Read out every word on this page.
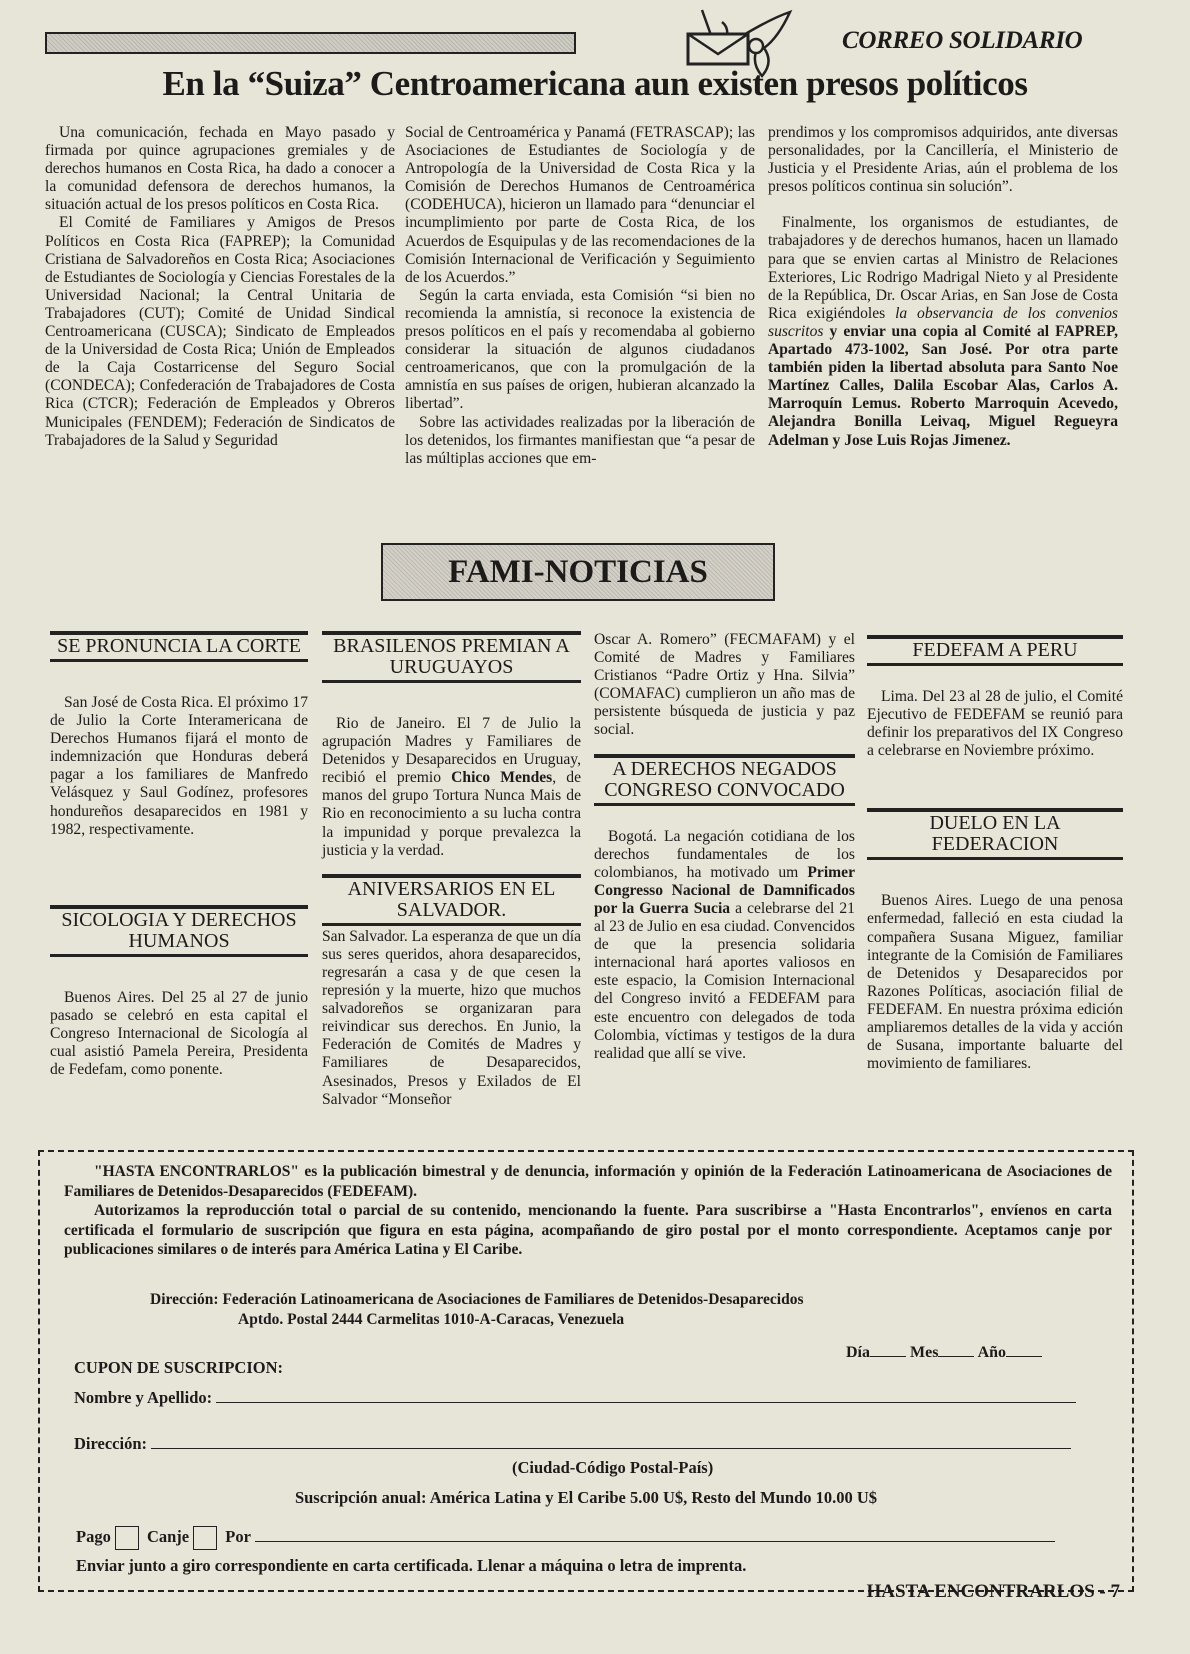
CORREO SOLIDARIO
En la “Suiza” Centroamericana aun existen presos políticos

Una comunicación, fechada en Mayo pasado y firmada por quince agrupaciones gremiales y de derechos humanos en Costa Rica, ha dado a conocer a la comunidad defensora de derechos humanos, la situación actual de los presos políticos en Costa Rica.

El Comité de Familiares y Amigos de Presos Políticos en Costa Rica (FAPREP); la Comunidad Cristiana de Salvadoreños en Costa Rica; Asociaciones de Estudiantes de Sociología y Ciencias Forestales de la Universidad Nacional; la Central Unitaria de Trabajadores (CUT); Comité de Unidad Sindical Centroamericana (CUSCA); Sindicato de Empleados de la Universidad de Costa Rica; Unión de Empleados de la Caja Costarricense del Seguro Social (CONDECA); Confederación de Trabajadores de Costa Rica (CTCR); Federación de Empleados y Obreros Municipales (FENDEM); Federación de Sindicatos de Trabajadores de la Salud y Seguridad

Social de Centroamérica y Panamá (FETRASCAP); las Asociaciones de Estudiantes de Sociología y de Antropología de la Universidad de Costa Rica y la Comisión de Derechos Humanos de Centroamérica (CODEHUCA), hicieron un llamado para “denunciar el incumplimiento por parte de Costa Rica, de los Acuerdos de Esquipulas y de las recomendaciones de la Comisión Internacional de Verificación y Seguimiento de los Acuerdos.”

Según la carta enviada, esta Comisión “si bien no recomienda la amnistía, si reconoce la existencia de presos políticos en el país y recomendaba al gobierno considerar la situación de algunos ciudadanos centroamericanos, que con la promulgación de la amnistía en sus países de origen, hubieran alcanzado la libertad”.

Sobre las actividades realizadas por la liberación de los detenidos, los firmantes manifiestan que “a pesar de las múltiplas acciones que em-

prendimos y los compromisos adquiridos, ante diversas personalidades, por la Cancillería, el Ministerio de Justicia y el Presidente Arias, aún el problema de los presos políticos continua sin solución”.

Finalmente, los organismos de estudiantes, de trabajadores y de derechos humanos, hacen un llamado para que se envien cartas al Ministro de Relaciones Exteriores, Lic Rodrigo Madrigal Nieto y al Presidente de la República, Dr. Oscar Arias, en San Jose de Costa Rica exigiéndoles la observancia de los convenios suscritos y enviar una copia al Comité al FAPREP, Apartado 473-1002, San José. Por otra parte también piden la libertad absoluta para Santo Noe Martínez Calles, Dalila Escobar Alas, Carlos A. Marroquín Lemus. Roberto Marroquin Acevedo, Alejandra Bonilla Leivaq, Miguel Regueyra Adelman y Jose Luis Rojas Jimenez.

FAMI-NOTICIAS
SE PRONUNCIA LA CORTE

San José de Costa Rica. El próximo 17 de Julio la Corte Interamericana de Derechos Humanos fijará el monto de indemnización que Honduras deberá pagar a los familiares de Manfredo Velásquez y Saul Godínez, profesores hondureños desaparecidos en 1981 y 1982, respectivamente.

SICOLOGIA Y DERECHOS HUMANOS

Buenos Aires. Del 25 al 27 de junio pasado se celebró en esta capital el Congreso Internacional de Sicología al cual asistió Pamela Pereira, Presidenta de Fedefam, como ponente.

BRASILENOS PREMIAN A URUGUAYOS

Rio de Janeiro. El 7 de Julio la agrupación Madres y Familiares de Detenidos y Desaparecidos en Uruguay, recibió el premio Chico Mendes, de manos del grupo Tortura Nunca Mais de Rio en reconocimiento a su lucha contra la impunidad y porque prevalezca la justicia y la verdad.

ANIVERSARIOS EN EL SALVADOR.

San Salvador. La esperanza de que un día sus seres queridos, ahora desaparecidos, regresarán a casa y de que cesen la represión y la muerte, hizo que muchos salvadoreños se organizaran para reivindicar sus derechos. En Junio, la Federación de Comités de Madres y Familiares de Desaparecidos, Asesinados, Presos y Exilados de El Salvador “Monseñor

Oscar A. Romero” (FECMAFAM) y el Comité de Madres y Familiares Cristianos “Padre Ortiz y Hna. Silvia” (COMAFAC) cumplieron un año mas de persistente búsqueda de justicia y paz social.

A DERECHOS NEGADOS CONGRESO CONVOCADO

Bogotá. La negación cotidiana de los derechos fundamentales de los colombianos, ha motivado um Primer Congresso Nacional de Damnificados por la Guerra Sucia a celebrarse del 21 al 23 de Julio en esa ciudad. Convencidos de que la presencia solidaria internacional hará aportes valiosos en este espacio, la Comision Internacional del Congreso invitó a FEDEFAM para este encuentro con delegados de toda Colombia, víctimas y testigos de la dura realidad que allí se vive.

FEDEFAM A PERU

Lima. Del 23 al 28 de julio, el Comité Ejecutivo de FEDEFAM se reunió para definir los preparativos del IX Congreso a celebrarse en Noviembre próximo.

DUELO EN LA FEDERACION

Buenos Aires. Luego de una penosa enfermedad, falleció en esta ciudad la compañera Susana Miguez, familiar integrante de la Comisión de Familiares de Detenidos y Desaparecidos por Razones Políticas, asociación filial de FEDEFAM. En nuestra próxima edición ampliaremos detalles de la vida y acción de Susana, importante baluarte del movimiento de familiares.

"HASTA ENCONTRARLOS" es la publicación bimestral y de denuncia, información y opinión de la Federación Latinoamericana de Asociaciones de Familiares de Detenidos-Desaparecidos (FEDEFAM).

Autorizamos la reproducción total o parcial de su contenido, mencionando la fuente. Para suscribirse a "Hasta Encontrarlos", envíenos en carta certificada el formulario de suscripción que figura en esta página, acompañando de giro postal por el monto correspondiente. Aceptamos canje por publicaciones similares o de interés para América Latina y El Caribe.

Dirección: Federación Latinoamericana de Asociaciones de Familiares de Detenidos-Desaparecidos
Aptdo. Postal 2444 Carmelitas 1010-A-Caracas, Venezuela
Día	Mes Año
CUPON DE SUSCRIPCION:
Nombre y Apellido:
Dirección:
(Ciudad-Código Postal-País)
Suscripción anual: América Latina y El Caribe 5.00 U$, Resto del Mundo 10.00 U$
Pago Canje Por
Enviar junto a giro correspondiente en carta certificada. Llenar a máquina o letra de imprenta.
HASTA ENCONTRARLOS - 7
